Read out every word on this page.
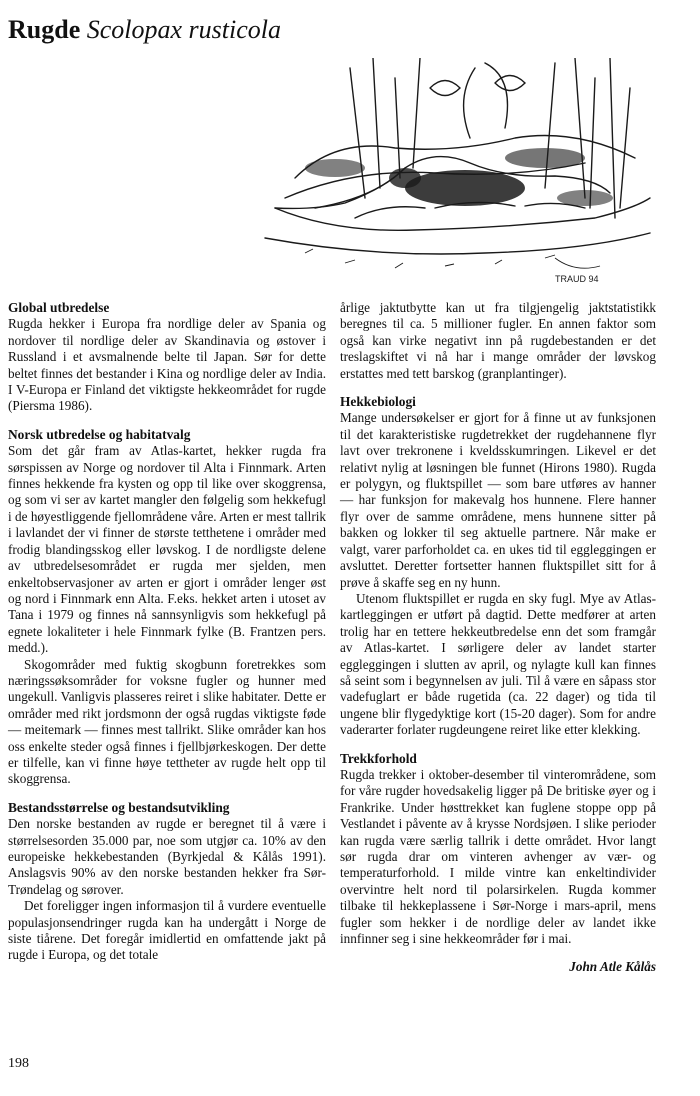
Rugde Scolopax rusticola
TRAUD 94
Global utbredelse

Rugda hekker i Europa fra nordlige deler av Spania og nordover til nordlige deler av Skandinavia og østover i Russland i et avsmalnende belte til Japan. Sør for dette beltet finnes det bestander i Kina og nordlige deler av India. I V-Europa er Finland det viktigste hekkeområdet for rugde (Piersma 1986).

Norsk utbredelse og habitatvalg

Som det går fram av Atlas-kartet, hekker rugda fra sørspissen av Norge og nordover til Alta i Finnmark. Arten finnes hekkende fra kysten og opp til like over skoggrensa, og som vi ser av kartet mangler den følgelig som hekkefugl i de høyestliggende fjellområdene våre. Arten er mest tallrik i lavlandet der vi finner de største tetthetene i områder med frodig blandingsskog eller løvskog. I de nordligste delene av utbredelsesområdet er rugda mer sjelden, men enkeltobservasjoner av arten er gjort i områder lenger øst og nord i Finnmark enn Alta. F.eks. hekket arten i utoset av Tana i 1979 og finnes nå sannsynligvis som hekkefugl på egnete lokaliteter i hele Finnmark fylke (B. Frantzen pers. medd.).

Skogområder med fuktig skogbunn foretrekkes som næringssøksområder for voksne fugler og hunner med ungekull. Vanligvis plasseres reiret i slike habitater. Dette er områder med rikt jordsmonn der også rugdas viktigste føde — meitemark — finnes mest tallrikt. Slike områder kan hos oss enkelte steder også finnes i fjellbjørkeskogen. Der dette er tilfelle, kan vi finne høye tettheter av rugde helt opp til skoggrensa.

Bestandsstørrelse og bestandsutvikling

Den norske bestanden av rugde er beregnet til å være i størrelsesorden 35.000 par, noe som utgjør ca. 10% av den europeiske hekkebestanden (Byrkjedal & Kålås 1991). Anslagsvis 90% av den norske bestanden hekker fra Sør-Trøndelag og sørover.

Det foreligger ingen informasjon til å vurdere eventuelle populasjonsendringer rugda kan ha undergått i Norge de siste tiårene. Det foregår imidlertid en omfattende jakt på rugde i Europa, og det totale

årlige jaktutbytte kan ut fra tilgjengelig jaktstatistikk beregnes til ca. 5 millioner fugler. En annen faktor som også kan virke negativt inn på rugdebestanden er det treslagskiftet vi nå har i mange områder der løvskog erstattes med tett barskog (granplantinger).

Hekkebiologi

Mange undersøkelser er gjort for å finne ut av funksjonen til det karakteristiske rugdetrekket der rugdehannene flyr lavt over trekronene i kveldsskumringen. Likevel er det relativt nylig at løsningen ble funnet (Hirons 1980). Rugda er polygyn, og fluktspillet — som bare utføres av hanner — har funksjon for makevalg hos hunnene. Flere hanner flyr over de samme områdene, mens hunnene sitter på bakken og lokker til seg aktuelle partnere. Når make er valgt, varer parforholdet ca. en ukes tid til eggleggingen er avsluttet. Deretter fortsetter hannen fluktspillet sitt for å prøve å skaffe seg en ny hunn.

Utenom fluktspillet er rugda en sky fugl. Mye av Atlas-kartleggingen er utført på dagtid. Dette medfører at arten trolig har en tettere hekkeutbredelse enn det som framgår av Atlas-kartet. I sørligere deler av landet starter eggleggingen i slutten av april, og nylagte kull kan finnes så seint som i begynnelsen av juli. Til å være en såpass stor vadefuglart er både rugetida (ca. 22 dager) og tida til ungene blir flygedyktige kort (15-20 dager). Som for andre vaderarter forlater rugdeungene reiret like etter klekking.

Trekkforhold

Rugda trekker i oktober-desember til vinterområdene, som for våre rugder hovedsakelig ligger på De britiske øyer og i Frankrike. Under høsttrekket kan fuglene stoppe opp på Vestlandet i påvente av å krysse Nordsjøen. I slike perioder kan rugda være særlig tallrik i dette området. Hvor langt sør rugda drar om vinteren avhenger av vær- og temperaturforhold. I milde vintre kan enkeltindivider overvintre helt nord til polarsirkelen. Rugda kommer tilbake til hekkeplassene i Sør-Norge i mars-april, mens fugler som hekker i de nordlige deler av landet ikke innfinner seg i sine hekkeområder før i mai.

John Atle Kålås
198
